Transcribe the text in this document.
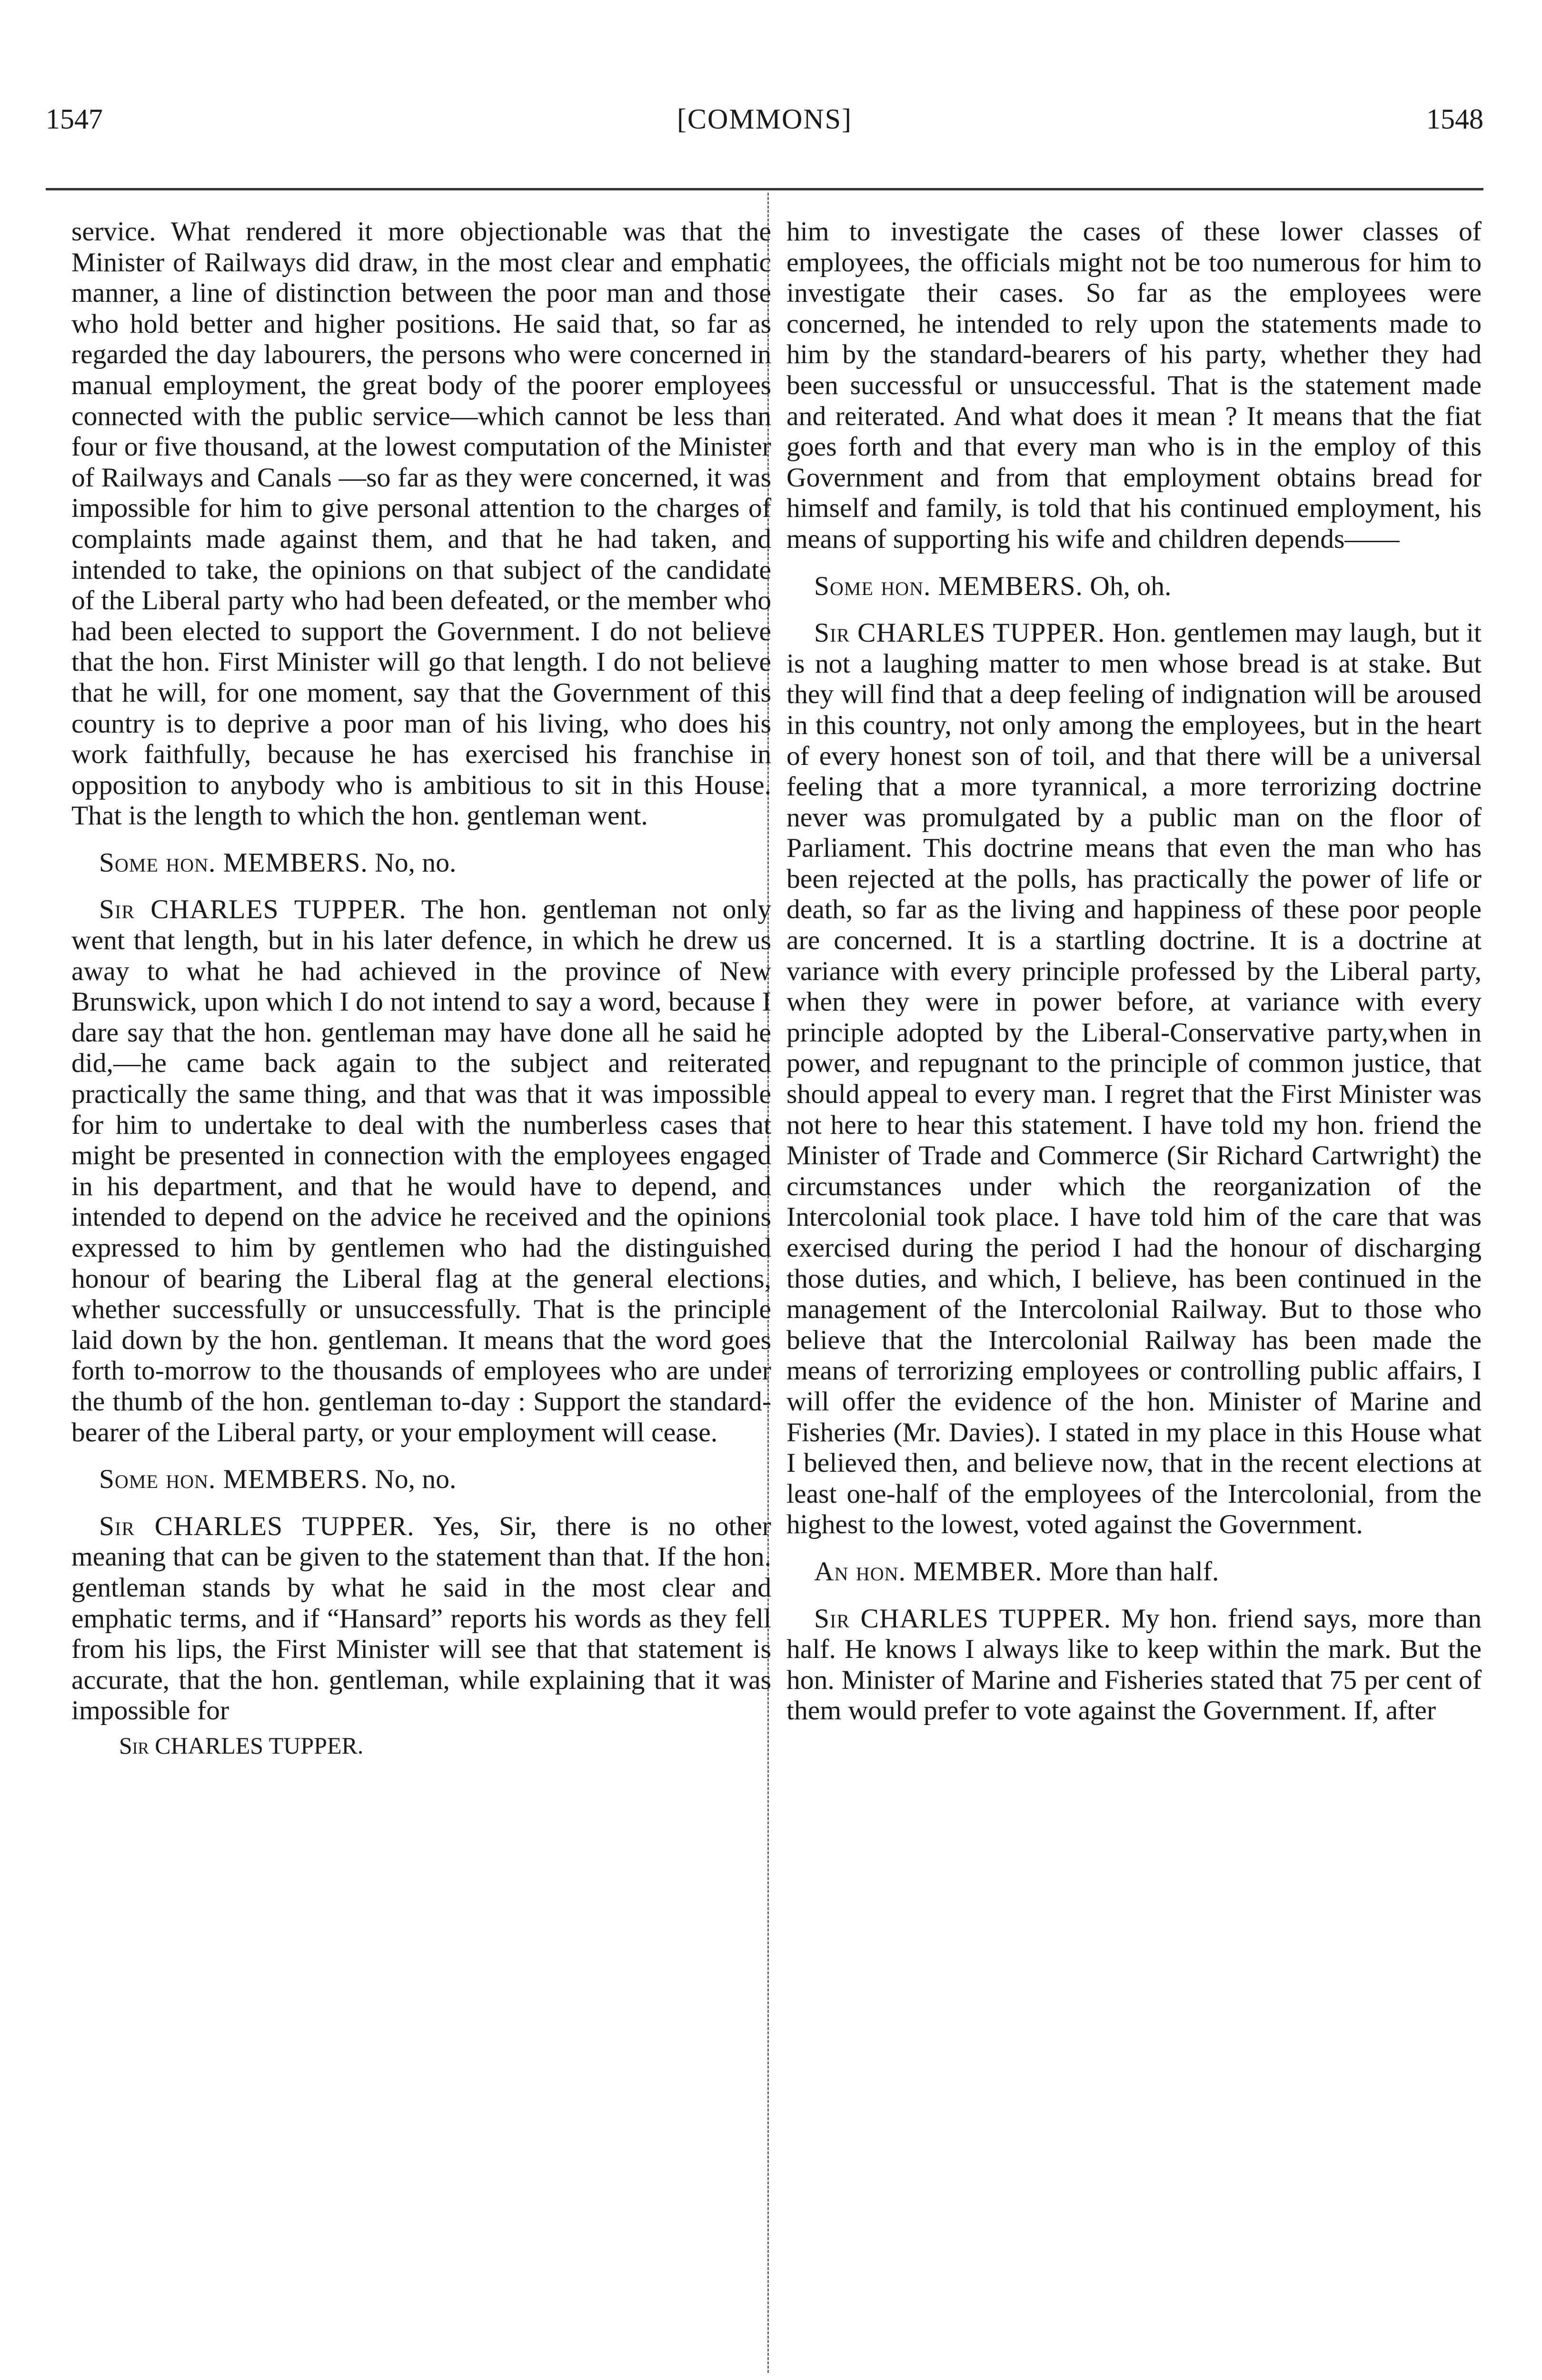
1547	[COMMONS]	1548

service. What rendered it more objectionable was that the Minister of Railways did draw, in the most clear and emphatic manner, a line of distinction between the poor man and those who hold better and higher positions. He said that, so far as regarded the day labourers, the persons who were concerned in manual employment, the great body of the poorer employees connected with the public service—which cannot be less than four or five thousand, at the lowest computation of the Minister of Railways and Canals —so far as they were concerned, it was impossible for him to give personal attention to the charges of complaints made against them, and that he had taken, and intended to take, the opinions on that subject of the candidate of the Liberal party who had been defeated, or the member who had been elected to support the Government. I do not believe that the hon. First Minister will go that length. I do not believe that he will, for one moment, say that the Government of this country is to deprive a poor man of his living, who does his work faithfully, because he has exercised his franchise in opposition to anybody who is ambitious to sit in this House. That is the length to which the hon. gentleman went.

Some hon. MEMBERS. No, no.

Sir CHARLES TUPPER. The hon. gentleman not only went that length, but in his later defence, in which he drew us away to what he had achieved in the province of New Brunswick, upon which I do not intend to say a word, because I dare say that the hon. gentleman may have done all he said he did,—he came back again to the subject and reiterated practically the same thing, and that was that it was impossible for him to undertake to deal with the numberless cases that might be presented in connection with the employees engaged in his department, and that he would have to depend, and intended to depend on the advice he received and the opinions expressed to him by gentlemen who had the distinguished honour of bearing the Liberal flag at the general elections, whether successfully or unsuccessfully. That is the principle laid down by the hon. gentleman. It means that the word goes forth to-morrow to the thousands of employees who are under the thumb of the hon. gentleman to-day : Support the standard-bearer of the Liberal party, or your employment will cease.

Some hon. MEMBERS. No, no.

Sir CHARLES TUPPER. Yes, Sir, there is no other meaning that can be given to the statement than that. If the hon. gentleman stands by what he said in the most clear and emphatic terms, and if “Hansard” reports his words as they fell from his lips, the First Minister will see that that statement is accurate, that the hon. gentleman, while explaining that it was impossible for

Sir CHARLES TUPPER.

him to investigate the cases of these lower classes of employees, the officials might not be too numerous for him to investigate their cases. So far as the employees were concerned, he intended to rely upon the statements made to him by the standard-bearers of his party, whether they had been successful or unsuccessful. That is the statement made and reiterated. And what does it mean ? It means that the fiat goes forth and that every man who is in the employ of this Government and from that employment obtains bread for himself and family, is told that his continued employment, his means of supporting his wife and children depends——

Some hon. MEMBERS. Oh, oh.

Sir CHARLES TUPPER. Hon. gentlemen may laugh, but it is not a laughing matter to men whose bread is at stake. But they will find that a deep feeling of indignation will be aroused in this country, not only among the employees, but in the heart of every honest son of toil, and that there will be a universal feeling that a more tyrannical, a more terrorizing doctrine never was promulgated by a public man on the floor of Parliament. This doctrine means that even the man who has been rejected at the polls, has practically the power of life or death, so far as the living and happiness of these poor people are concerned. It is a startling doctrine. It is a doctrine at variance with every principle professed by the Liberal party, when they were in power before, at variance with every principle adopted by the Liberal-Conservative party,when in power, and repugnant to the principle of common justice, that should appeal to every man. I regret that the First Minister was not here to hear this statement. I have told my hon. friend the Minister of Trade and Commerce (Sir Richard Cartwright) the circumstances under which the reorganization of the Intercolonial took place. I have told him of the care that was exercised during the period I had the honour of discharging those duties, and which, I believe, has been continued in the management of the Intercolonial Railway. But to those who believe that the Intercolonial Railway has been made the means of terrorizing employees or controlling public affairs, I will offer the evidence of the hon. Minister of Marine and Fisheries (Mr. Davies). I stated in my place in this House what I believed then, and believe now, that in the recent elections at least one-half of the employees of the Intercolonial, from the highest to the lowest, voted against the Government.

An hon. MEMBER. More than half.

Sir CHARLES TUPPER. My hon. friend says, more than half. He knows I always like to keep within the mark. But the hon. Minister of Marine and Fisheries stated that 75 per cent of them would prefer to vote against the Government. If, after
